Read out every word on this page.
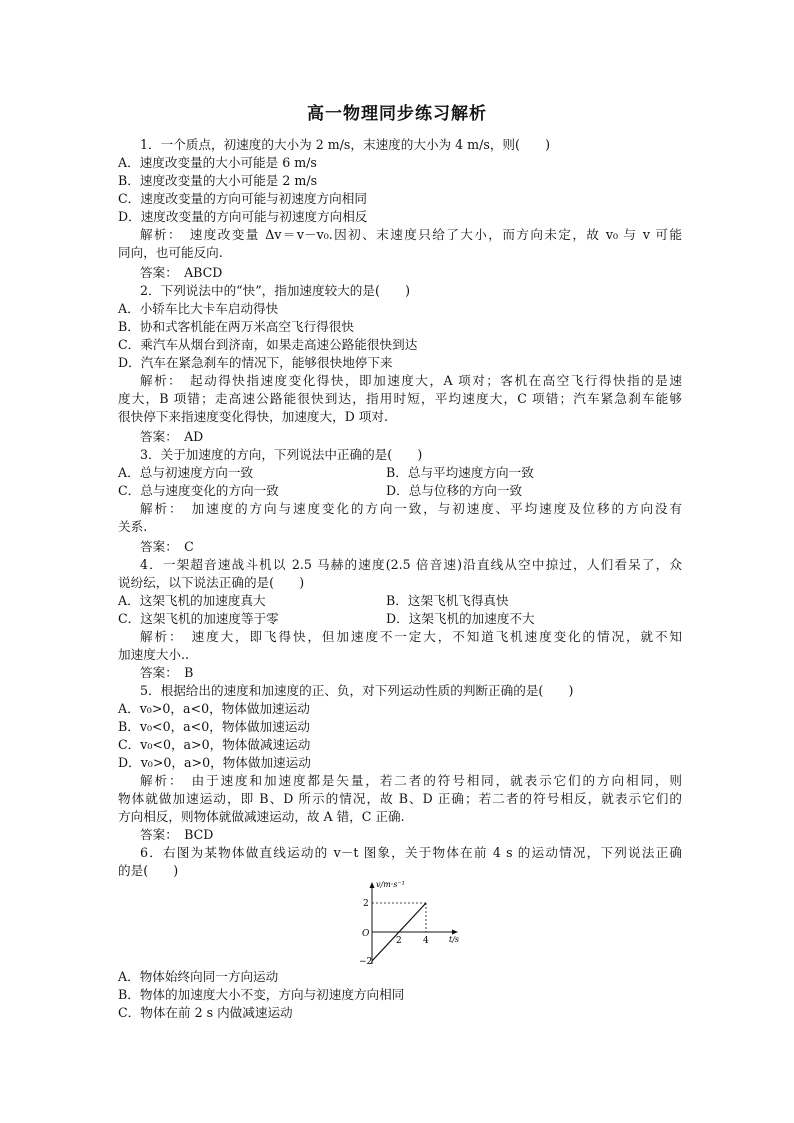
高一物理同步练习解析
1．一个质点，初速度的大小为 2 m/s，末速度的大小为 4 m/s，则(　　)
A．速度改变量的大小可能是 6 m/s
B．速度改变量的大小可能是 2 m/s
C．速度改变量的方向可能与初速度方向相同
D．速度改变量的方向可能与初速度方向相反
解析：　速度改变量 Δv＝v－v₀.因初、末速度只给了大小，而方向未定，故 v₀ 与 v 可能
同向，也可能反向.
答案：　ABCD
2．下列说法中的“快”，指加速度较大的是(　　)
A．小轿车比大卡车启动得快
B．协和式客机能在两万米高空飞行得很快
C．乘汽车从烟台到济南，如果走高速公路能很快到达
D．汽车在紧急刹车的情况下，能够很快地停下来
解析：　起动得快指速度变化得快，即加速度大，A 项对；客机在高空飞行得快指的是速
度大，B 项错；走高速公路能很快到达，指用时短，平均速度大，C 项错；汽车紧急刹车能够
很快停下来指速度变化得快，加速度大，D 项对.
答案：　AD
3．关于加速度的方向，下列说法中正确的是(　　)
A．总与初速度方向一致	B．总与平均速度方向一致
C．总与速度变化的方向一致	D．总与位移的方向一致
解析：　加速度的方向与速度变化的方向一致，与初速度、平均速度及位移的方向没有
关系.
答案：　C
4．一架超音速战斗机以 2.5 马赫的速度(2.5 倍音速)沿直线从空中掠过，人们看呆了，众
说纷纭，以下说法正确的是(　　)
A．这架飞机的加速度真大	B．这架飞机飞得真快
C．这架飞机的加速度等于零	D．这架飞机的加速度不大
解析：　速度大，即飞得快，但加速度不一定大，不知道飞机速度变化的情况，就不知
加速度大小..
答案：　B
5．根据给出的速度和加速度的正、负，对下列运动性质的判断正确的是(　　)
A．v₀>0，a<0，物体做加速运动
B．v₀<0，a<0，物体做加速运动
C．v₀<0，a>0，物体做减速运动
D．v₀>0，a>0，物体做加速运动
解析：　由于速度和加速度都是矢量，若二者的符号相同，就表示它们的方向相同，则
物体就做加速运动，即 B、D 所示的情况，故 B、D 正确；若二者的符号相反，就表示它们的
方向相反，则物体就做减速运动，故 A 错，C 正确.
答案：　BCD
6．右图为某物体做直线运动的 v－t 图象，关于物体在前 4 s 的运动情况，下列说法正确
的是(　　)
v/m·s⁻¹
t/s
O
2
−2
2 4
A．物体始终向同一方向运动
B．物体的加速度大小不变，方向与初速度方向相同
C．物体在前 2 s 内做减速运动
